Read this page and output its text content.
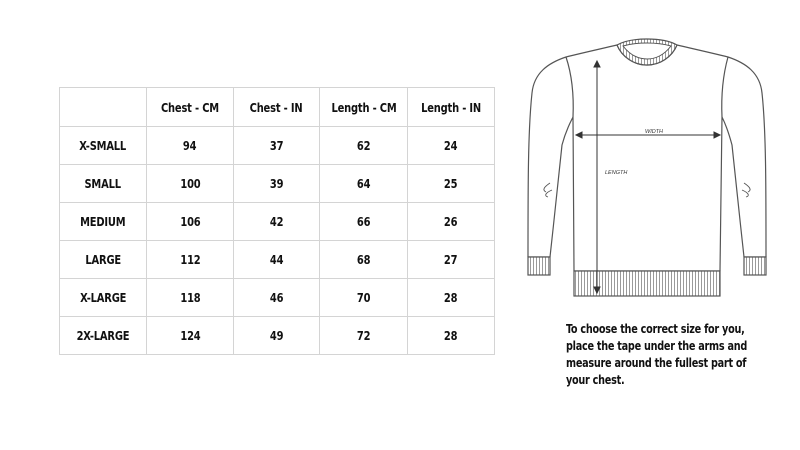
	Chest - CM	Chest - IN	Length - CM	Length - IN
X-SMALL	94	37	62	24
SMALL	100	39	64	25
MEDIUM	106	42	66	26
LARGE	112	44	68	27
X-LARGE	118	46	70	28
2X-LARGE	124	49	72	28
WIDTH
LENGTH
To choose the correct size for you,
place the tape under the arms and
measure around the fullest part of
your chest.
